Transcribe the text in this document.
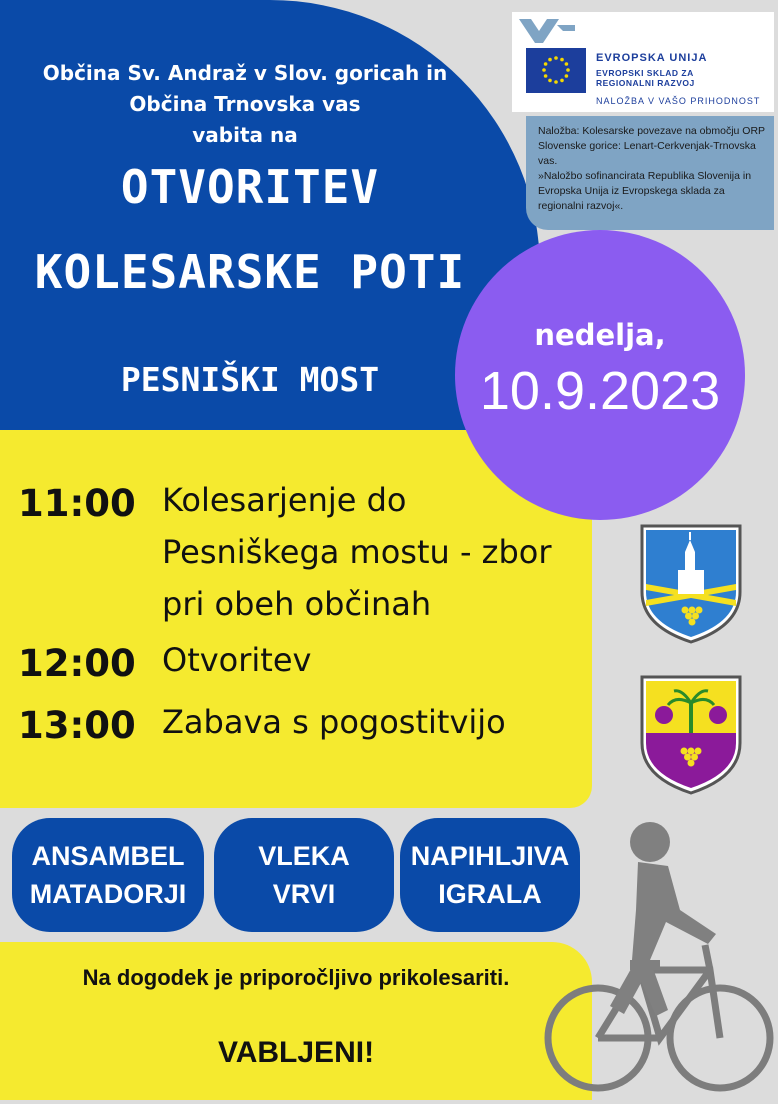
Občina Sv. Andraž v Slov. goricah in
Občina Trnovska vas
vabita na
OTVORITEV
KOLESARSKE POTI
PESNIŠKI MOST
EVROPSKA UNIJA
EVROPSKI SKLAD ZA
REGIONALNI RAZVOJ
NALOŽBA V VAŠO PRIHODNOST
Naložba: Kolesarske povezave na območju ORP Slovenske gorice: Lenart-Cerkvenjak-Trnovska vas.
»Naložbo sofinancirata Republika Slovenija in Evropska Unija iz Evropskega sklada za regionalni razvoj«.
nedelja,
10.9.2023
11:00 Kolesarjenje do Pesniškega mostu - zbor pri obeh občinah
12:00 Otvoritev
13:00 Zabava s pogostitvijo
ANSAMBEL
MATADORJI
VLEKA
VRVI
NAPIHLJIVA
IGRALA
Na dogodek je priporočljivo prikolesariti.
VABLJENI!
